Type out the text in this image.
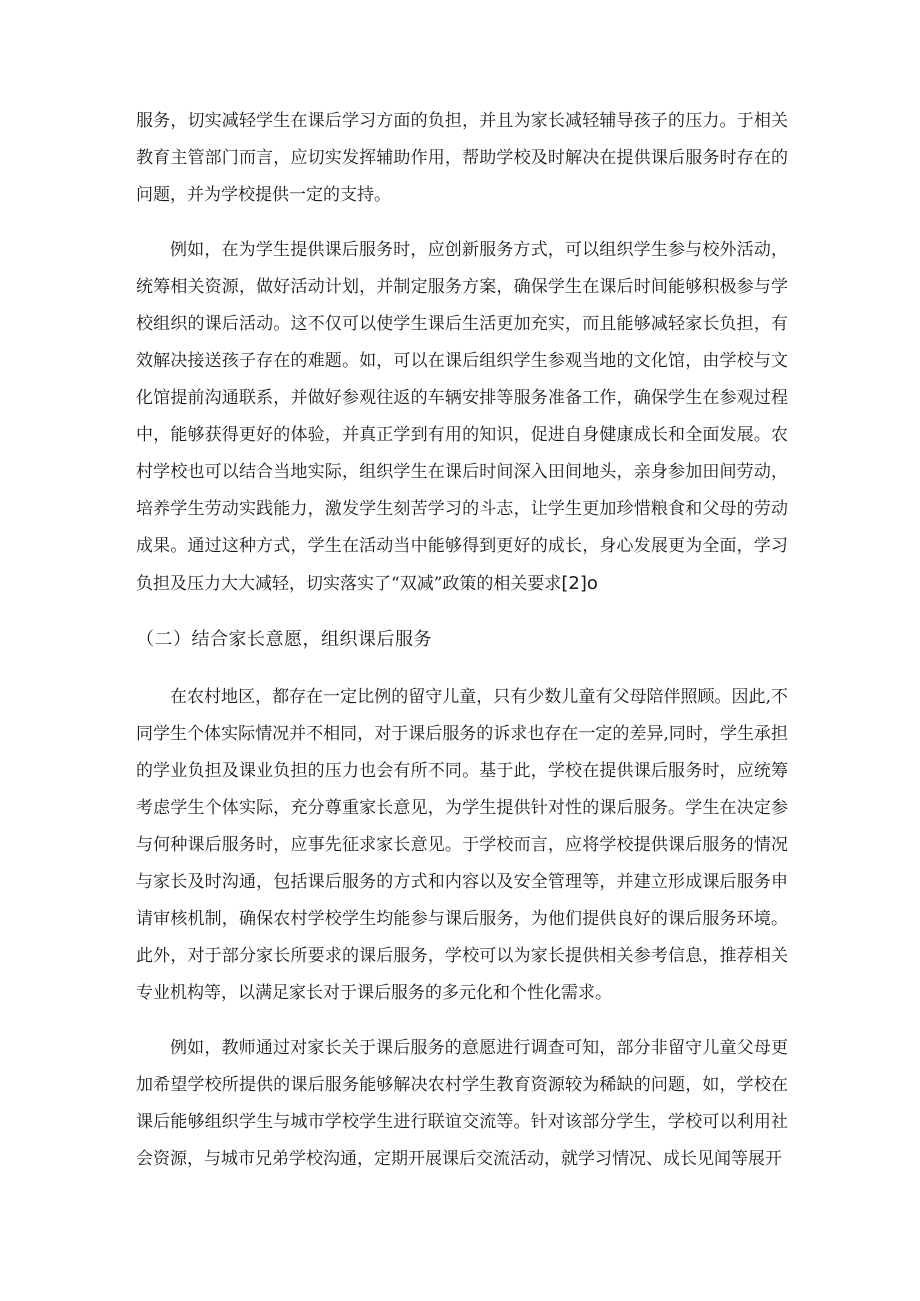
服务，切实减轻学生在课后学习方面的负担，并且为家长减轻辅导孩子的压力。于相关教育主管部门而言，应切实发挥辅助作用，帮助学校及时解决在提供课后服务时存在的问题，并为学校提供一定的支持。

例如，在为学生提供课后服务时，应创新服务方式，可以组织学生参与校外活动，统筹相关资源，做好活动计划，并制定服务方案，确保学生在课后时间能够积极参与学校组织的课后活动。这不仅可以使学生课后生活更加充实，而且能够减轻家长负担，有效解决接送孩子存在的难题。如，可以在课后组织学生参观当地的文化馆，由学校与文化馆提前沟通联系，并做好参观往返的车辆安排等服务准备工作，确保学生在参观过程中，能够获得更好的体验，并真正学到有用的知识，促进自身健康成长和全面发展。农村学校也可以结合当地实际，组织学生在课后时间深入田间地头，亲身参加田间劳动，培养学生劳动实践能力，激发学生刻苦学习的斗志，让学生更加珍惜粮食和父母的劳动成果。通过这种方式，学生在活动当中能够得到更好的成长，身心发展更为全面，学习负担及压力大大减轻，切实落实了“双减”政策的相关要求[2]o

（二）结合家长意愿，组织课后服务

在农村地区，都存在一定比例的留守儿童，只有少数儿童有父母陪伴照顾。因此,不同学生个体实际情况并不相同，对于课后服务的诉求也存在一定的差异,同时，学生承担的学业负担及课业负担的压力也会有所不同。基于此，学校在提供课后服务时，应统筹考虑学生个体实际，充分尊重家长意见，为学生提供针对性的课后服务。学生在决定参与何种课后服务时，应事先征求家长意见。于学校而言，应将学校提供课后服务的情况与家长及时沟通，包括课后服务的方式和内容以及安全管理等，并建立形成课后服务申请审核机制，确保农村学校学生均能参与课后服务，为他们提供良好的课后服务环境。此外，对于部分家长所要求的课后服务，学校可以为家长提供相关参考信息，推荐相关专业机构等，以满足家长对于课后服务的多元化和个性化需求。

例如，教师通过对家长关于课后服务的意愿进行调查可知，部分非留守儿童父母更加希望学校所提供的课后服务能够解决农村学生教育资源较为稀缺的问题，如，学校在课后能够组织学生与城市学校学生进行联谊交流等。针对该部分学生，学校可以利用社会资源，与城市兄弟学校沟通，定期开展课后交流活动，就学习情况、成长见闻等展开
